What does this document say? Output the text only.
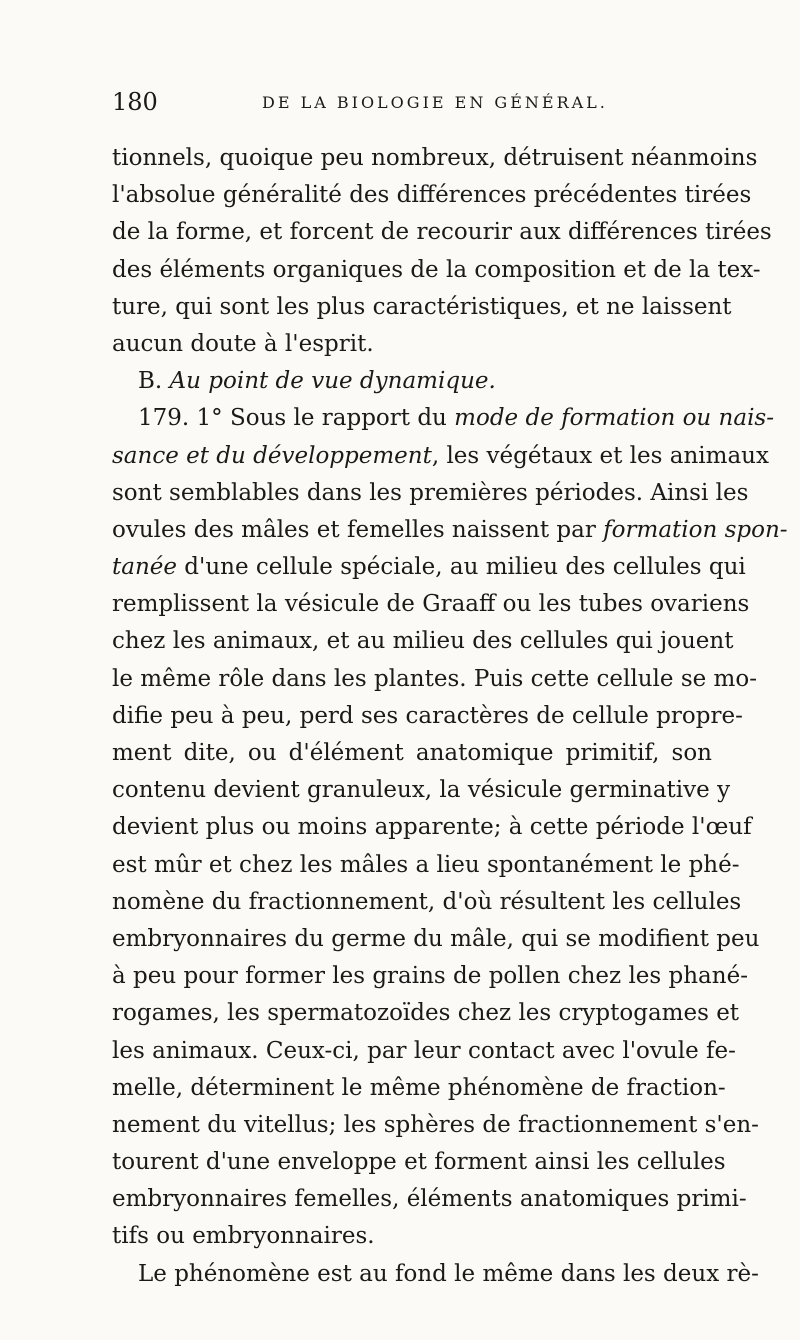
180	DE LA BIOLOGIE EN GÉNÉRAL.
tionnels, quoique peu nombreux, détruisent néanmoins
l'absolue généralité des différences précédentes tirées
de la forme, et forcent de recourir aux différences tirées
des éléments organiques de la composition et de la tex-
ture, qui sont les plus caractéristiques, et ne laissent
aucun doute à l'esprit.
B. Au point de vue dynamique.
179. 1° Sous le rapport du mode de formation ou nais-
sance et du développement, les végétaux et les animaux
sont semblables dans les premières périodes. Ainsi les
ovules des mâles et femelles naissent par formation spon-
tanée d'une cellule spéciale, au milieu des cellules qui
remplissent la vésicule de Graaff ou les tubes ovariens
chez les animaux, et au milieu des cellules qui jouent
le même rôle dans les plantes. Puis cette cellule se mo-
difie peu à peu, perd ses caractères de cellule propre-
ment dite, ou d'élément anatomique primitif, son
contenu devient granuleux, la vésicule germinative y
devient plus ou moins apparente; à cette période l'œuf
est mûr et chez les mâles a lieu spontanément le phé-
nomène du fractionnement, d'où résultent les cellules
embryonnaires du germe du mâle, qui se modifient peu
à peu pour former les grains de pollen chez les phané-
rogames, les spermatozoïdes chez les cryptogames et
les animaux. Ceux-ci, par leur contact avec l'ovule fe-
melle, déterminent le même phénomène de fraction-
nement du vitellus; les sphères de fractionnement s'en-
tourent d'une enveloppe et forment ainsi les cellules
embryonnaires femelles, éléments anatomiques primi-
tifs ou embryonnaires.
Le phénomène est au fond le même dans les deux rè-
